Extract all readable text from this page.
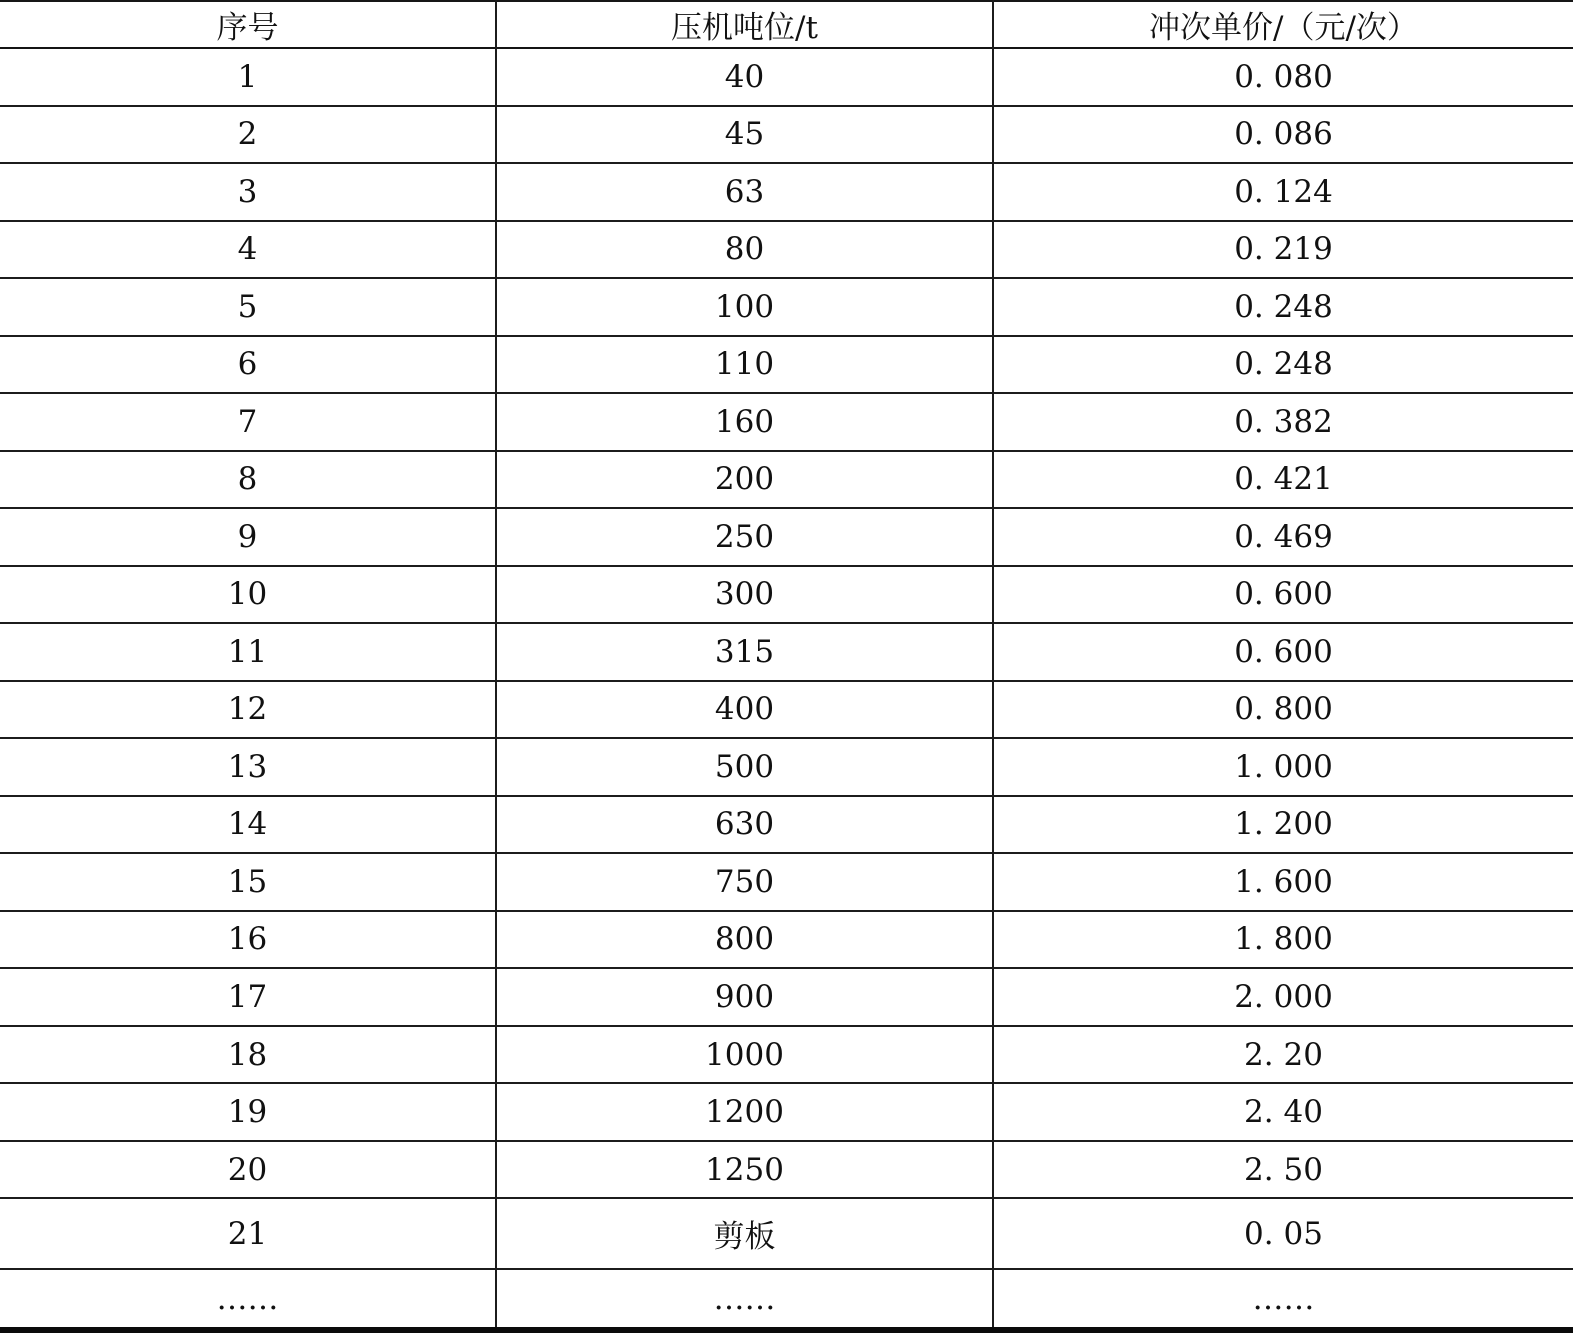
序号	压机吨位/t	冲次单价/（元/次）
1	40	0. 080
2	45	0. 086
3	63	0. 124
4	80	0. 219
5	100	0. 248
6	110	0. 248
7	160	0. 382
8	200	0. 421
9	250	0. 469
10	300	0. 600
11	315	0. 600
12	400	0. 800
13	500	1. 000
14	630	1. 200
15	750	1. 600
16	800	1. 800
17	900	2. 000
18	1000	2. 20
19	1200	2. 40
20	1250	2. 50
21	剪板	0. 05
……	……	……
